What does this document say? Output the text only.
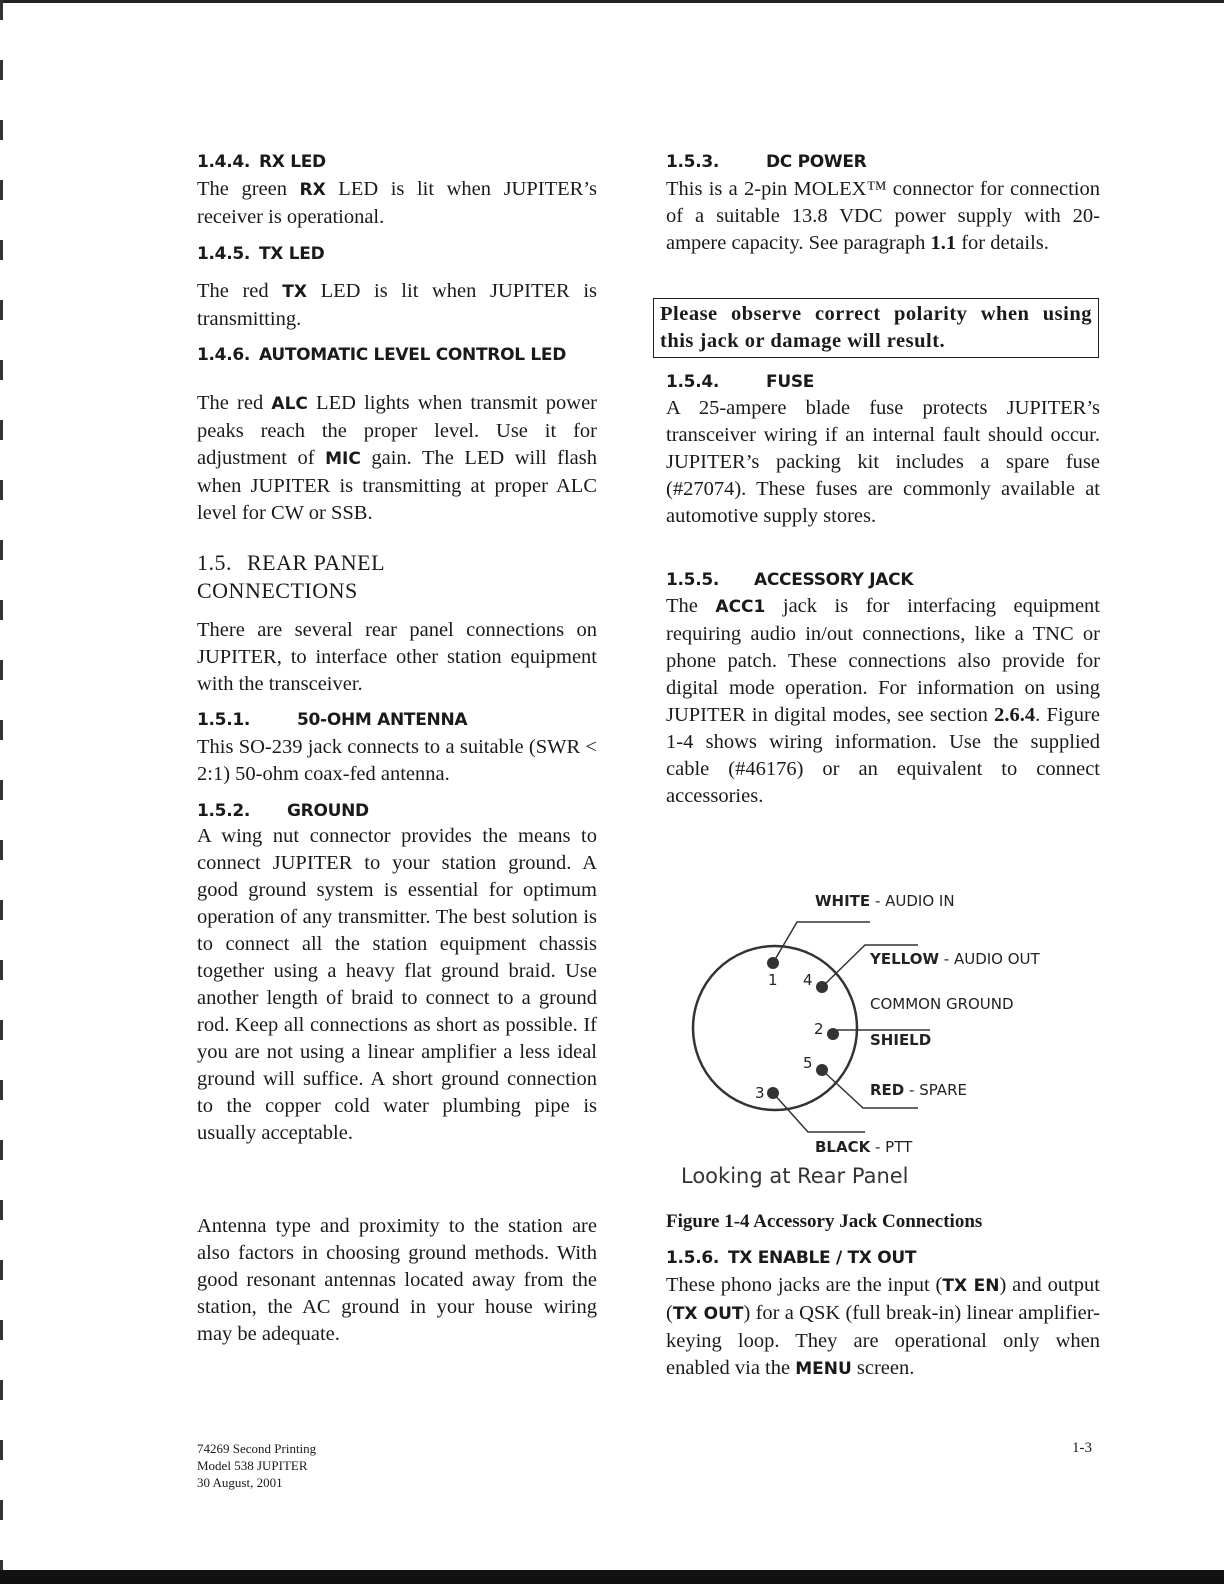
1.4.4. RX LED

The green RX LED is lit when JUPITER’s receiver is operational.

1.4.5. TX LED

The red TX LED is lit when JUPITER is transmitting.

1.4.6. AUTOMATIC LEVEL CONTROL LED

The red ALC LED lights when transmit power peaks reach the proper level. Use it for adjustment of MIC gain. The LED will flash when JUPITER is transmitting at proper ALC level for CW or SSB.

1.5. REAR PANEL CONNECTIONS

There are several rear panel connections on JUPITER, to interface other station equipment with the transceiver.

1.5.1.	50-OHM ANTENNA

This SO-239 jack connects to a suitable (SWR < 2:1) 50-ohm coax-fed antenna.

1.5.2. GROUND

A wing nut connector provides the means to connect JUPITER to your station ground. A good ground system is essential for optimum operation of any transmitter. The best solution is to connect all the station equipment chassis together using a heavy flat ground braid. Use another length of braid to connect to a ground rod. Keep all connections as short as possible. If you are not using a linear amplifier a less ideal ground will suffice. A short ground connection to the copper cold water plumbing pipe is usually acceptable.

Antenna type and proximity to the station are also factors in choosing ground methods. With good resonant antennas located away from the station, the AC ground in your house wiring may be adequate.

1.5.3.	DC POWER

This is a 2-pin MOLEX™ connector for connection of a suitable 13.8 VDC power supply with 20-ampere capacity. See paragraph 1.1 for details.

Please observe correct polarity when using this jack or damage will result.
1.5.4.	FUSE

A 25-ampere blade fuse protects JUPITER’s transceiver wiring if an internal fault should occur. JUPITER’s packing kit includes a spare fuse (#27074). These fuses are commonly available at automotive supply stores.

1.5.5. ACCESSORY JACK

The ACC1 jack is for interfacing equipment requiring audio in/out connections, like a TNC or phone patch. These connections also provide for digital mode operation. For information on using JUPITER in digital modes, see section 2.6.4. Figure 1-4 shows wiring information. Use the supplied cable (#46176) or an equivalent to connect accessories.

1 4
2
5
3
WHITE - AUDIO IN
YELLOW - AUDIO OUT
COMMON GROUND
SHIELD
RED - SPARE
BLACK - PTT
Looking at Rear Panel
Figure 1-4 Accessory Jack Connections
1.5.6. TX ENABLE / TX OUT

These phono jacks are the input (TX EN) and output (TX OUT) for a QSK (full break-in) linear amplifier-keying loop. They are operational only when enabled via the MENU screen.

74269 Second Printing
Model 538 JUPITER
30 August, 2001
1-3
